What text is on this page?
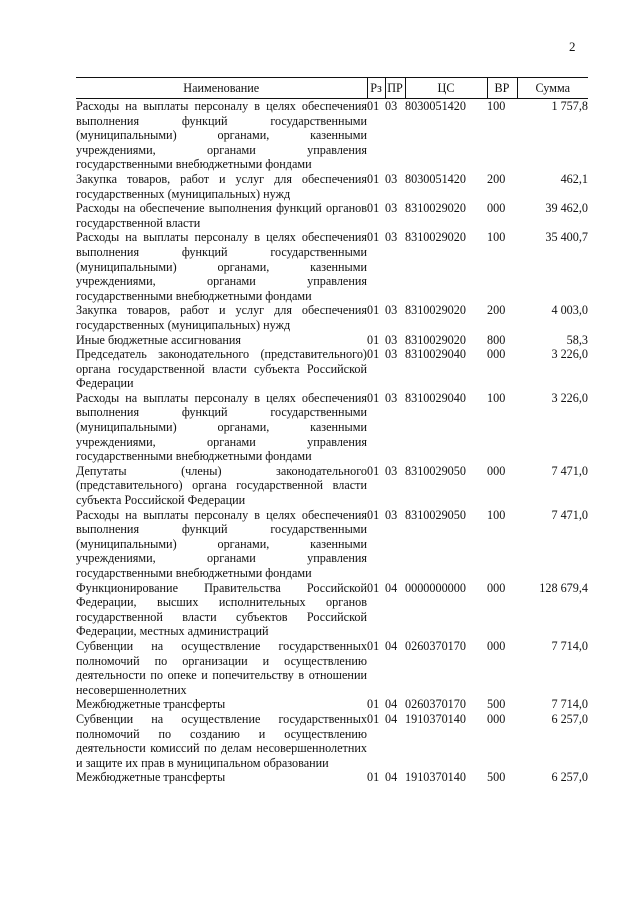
2
Наименование	Рз	ПР	ЦС	ВР	Сумма
Расходы на выплаты персоналу в целях обеспечения выполнения функций государственными (муниципальными) органами, казенными учреждениями, органами управления государственными внебюджетными фондами	01	03	8030051420	100	1 757,8
Закупка товаров, работ и услуг для обеспечения государственных (муниципальных) нужд	01	03	8030051420	200	462,1
Расходы на обеспечение выполнения функций органов государственной власти	01	03	8310029020	000	39 462,0
Расходы на выплаты персоналу в целях обеспечения выполнения функций государственными (муниципальными) органами, казенными учреждениями, органами управления государственными внебюджетными фондами	01	03	8310029020	100	35 400,7
Закупка товаров, работ и услуг для обеспечения государственных (муниципальных) нужд	01	03	8310029020	200	4 003,0
Иные бюджетные ассигнования	01	03	8310029020	800	58,3
Председатель законодательного (представительного) органа государственной власти субъекта Российской Федерации	01	03	8310029040	000	3 226,0
Расходы на выплаты персоналу в целях обеспечения выполнения функций государственными (муниципальными) органами, казенными учреждениями, органами управления государственными внебюджетными фондами	01	03	8310029040	100	3 226,0
Депутаты (члены) законодательного (представительного) органа государственной власти субъекта Российской Федерации	01	03	8310029050	000	7 471,0
Расходы на выплаты персоналу в целях обеспечения выполнения функций государственными (муниципальными) органами, казенными учреждениями, органами управления государственными внебюджетными фондами	01	03	8310029050	100	7 471,0
Функционирование Правительства Российской Федерации, высших исполнительных органов государственной власти субъектов Российской Федерации, местных администраций	01	04	0000000000	000	128 679,4
Субвенции на осуществление государственных полномочий по организации и осуществлению деятельности по опеке и попечительству в отношении несовершеннолетних	01	04	0260370170	000	7 714,0
Межбюджетные трансферты	01	04	0260370170	500	7 714,0
Субвенции на осуществление государственных полномочий по созданию и осуществлению деятельности комиссий по делам несовершеннолетних и защите их прав в муниципальном образовании	01	04	1910370140	000	6 257,0
Межбюджетные трансферты	01	04	1910370140	500	6 257,0
